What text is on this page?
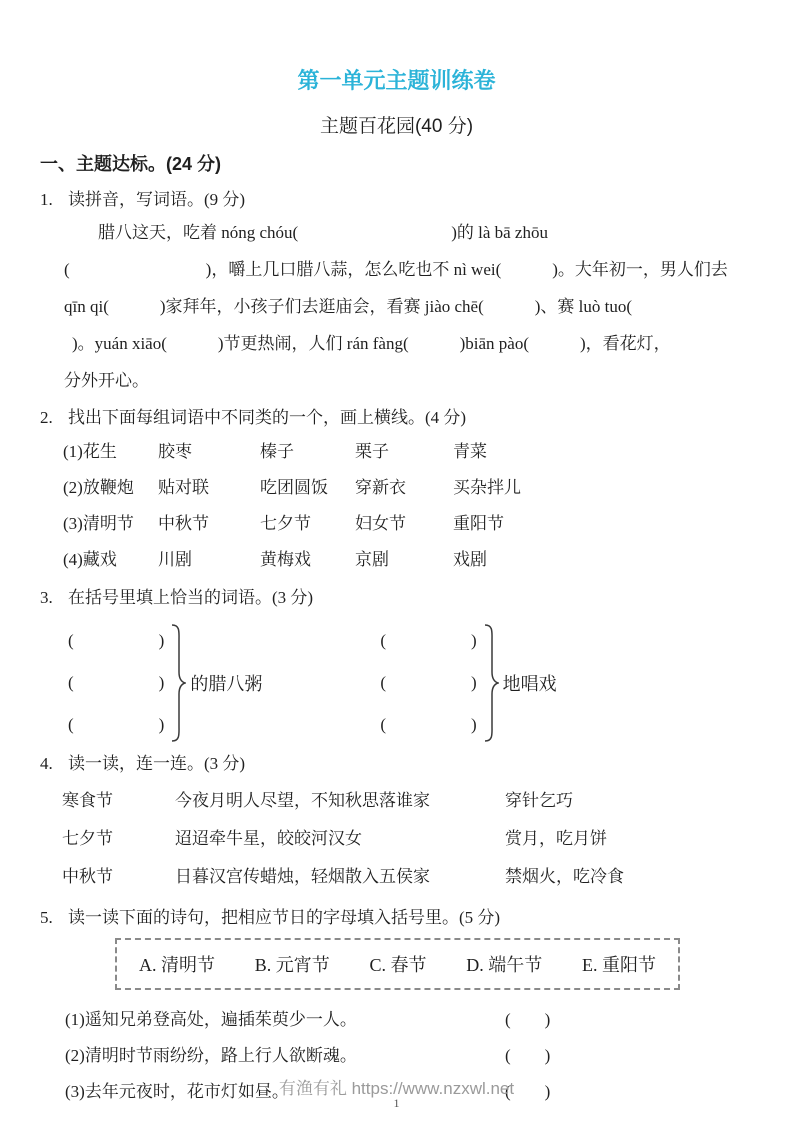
第一单元主题训练卷
主题百花园(40 分)
一、主题达标。(24 分)
1. 读拼音，写词语。(9 分)
腊八这天，吃着 nóng chóu(　　　　　　　　　)的 là bā zhōu
(　　　　　　　　)，嚼上几口腊八蒜，怎么吃也不 nì wei(　　　)。大年初一，男人们去
qīn qi(　　　)家拜年，小孩子们去逛庙会，看赛 jiào chē(　　　)、赛 luò tuo(
)。yuán xiāo(　　　)节更热闹，人们 rán fàng(　　　)biān pào(　　　)，看花灯，
分外开心。
2. 找出下面每组词语中不同类的一个，画上横线。(4 分)
(1)花生	胶枣	榛子	栗子	青菜
(2)放鞭炮	贴对联	吃团圆饭	穿新衣	买杂拌儿
(3)清明节	中秋节	七夕节	妇女节	重阳节
(4)藏戏	川剧	黄梅戏	京剧	戏剧
3. 在括号里填上恰当的词语。(3 分)
(　　　　　)
(　　　　　)
(　　　　　)
的腊八粥
(　　　　　)
(　　　　　)
(　　　　　)
地唱戏
4. 读一读，连一连。(3 分)
寒食节	今夜月明人尽望，不知秋思落谁家	穿针乞巧
七夕节	迢迢牵牛星，皎皎河汉女	赏月，吃月饼
中秋节	日暮汉宫传蜡烛，轻烟散入五侯家	禁烟火，吃冷食
5. 读一读下面的诗句，把相应节日的字母填入括号里。(5 分)
A. 清明节 B. 元宵节 C. 春节 D. 端午节 E. 重阳节
(1)遥知兄弟登高处，遍插茱萸少一人。	(　　)
(2)清明时节雨纷纷，路上行人欲断魂。	(　　)
(3)去年元夜时，花市灯如昼。	(　　)
有渔有礼 https://www.nzxwl.net
1
